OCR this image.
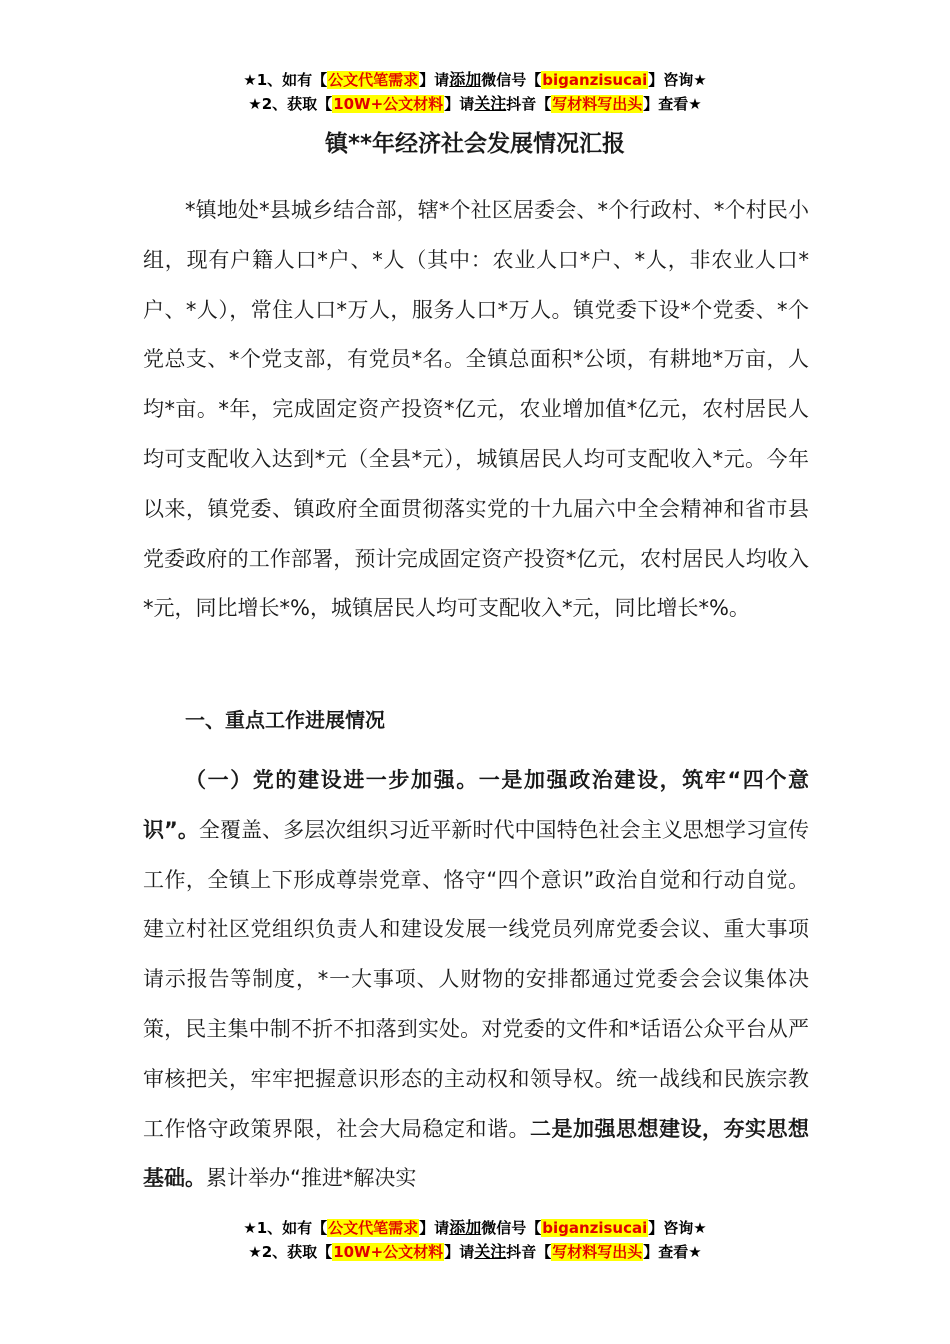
★1、如有【公文代笔需求】请添加微信号【biganzisucai】咨询★
★2、获取【10W+公文材料】请关注抖音【写材料写出头】查看★
镇**年经济社会发展情况汇报

*镇地处*县城乡结合部，辖*个社区居委会、*个行政村、*个村民小组，现有户籍人口*户、*人（其中：农业人口*户、*人，非农业人口*户、*人），常住人口*万人，服务人口*万人。镇党委下设*个党委、*个党总支、*个党支部，有党员*名。全镇总面积*公顷，有耕地*万亩，人均*亩。*年，完成固定资产投资*亿元，农业增加值*亿元，农村居民人均可支配收入达到*元（全县*元），城镇居民人均可支配收入*元。今年以来，镇党委、镇政府全面贯彻落实党的十九届六中全会精神和省市县党委政府的工作部署，预计完成固定资产投资*亿元，农村居民人均收入*元，同比增长*%，城镇居民人均可支配收入*元，同比增长*%。

一、重点工作进展情况

（一）党的建设进一步加强。一是加强政治建设，筑牢“四个意识”。全覆盖、多层次组织习近平新时代中国特色社会主义思想学习宣传工作，全镇上下形成尊崇党章、恪守“四个意识”政治自觉和行动自觉。建立村社区党组织负责人和建设发展一线党员列席党委会议、重大事项请示报告等制度，*一大事项、人财物的安排都通过党委会会议集体决策，民主集中制不折不扣落到实处。对党委的文件和*话语公众平台从严审核把关，牢牢把握意识形态的主动权和领导权。统一战线和民族宗教工作恪守政策界限，社会大局稳定和谐。二是加强思想建设，夯实思想基础。累计举办“推进*解决实

★1、如有【公文代笔需求】请添加微信号【biganzisucai】咨询★
★2、获取【10W+公文材料】请关注抖音【写材料写出头】查看★
